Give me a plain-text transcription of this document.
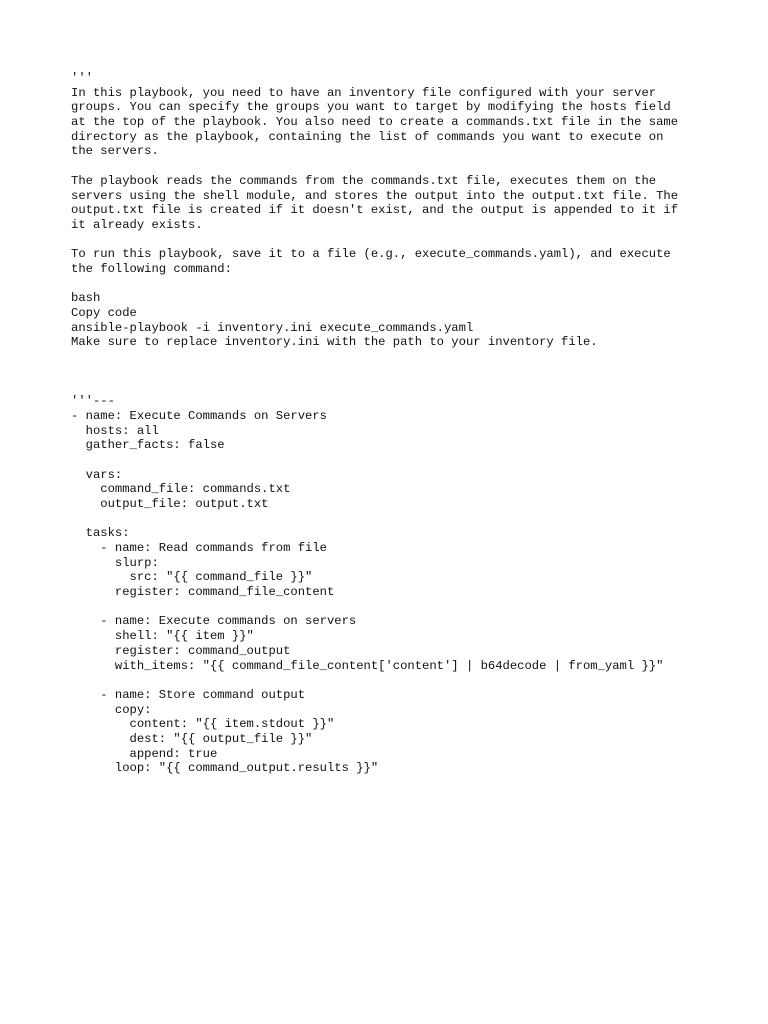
'''
In this playbook, you need to have an inventory file configured with your server
groups. You can specify the groups you want to target by modifying the hosts field
at the top of the playbook. You also need to create a commands.txt file in the same
directory as the playbook, containing the list of commands you want to execute on
the servers.
The playbook reads the commands from the commands.txt file, executes them on the
servers using the shell module, and stores the output into the output.txt file. The
output.txt file is created if it doesn't exist, and the output is appended to it if
it already exists.
To run this playbook, save it to a file (e.g., execute_commands.yaml), and execute
the following command:
bash
Copy code
ansible-playbook -i inventory.ini execute_commands.yaml
Make sure to replace inventory.ini with the path to your inventory file.
'''---
- name: Execute Commands on Servers
hosts: all
gather_facts: false
vars:
command_file: commands.txt
output_file: output.txt
tasks:
- name: Read commands from file
slurp:
src: "{{ command_file }}"
register: command_file_content
- name: Execute commands on servers
shell: "{{ item }}"
register: command_output
with_items: "{{ command_file_content['content'] | b64decode | from_yaml }}"
- name: Store command output
copy:
content: "{{ item.stdout }}"
dest: "{{ output_file }}"
append: true
loop: "{{ command_output.results }}"
